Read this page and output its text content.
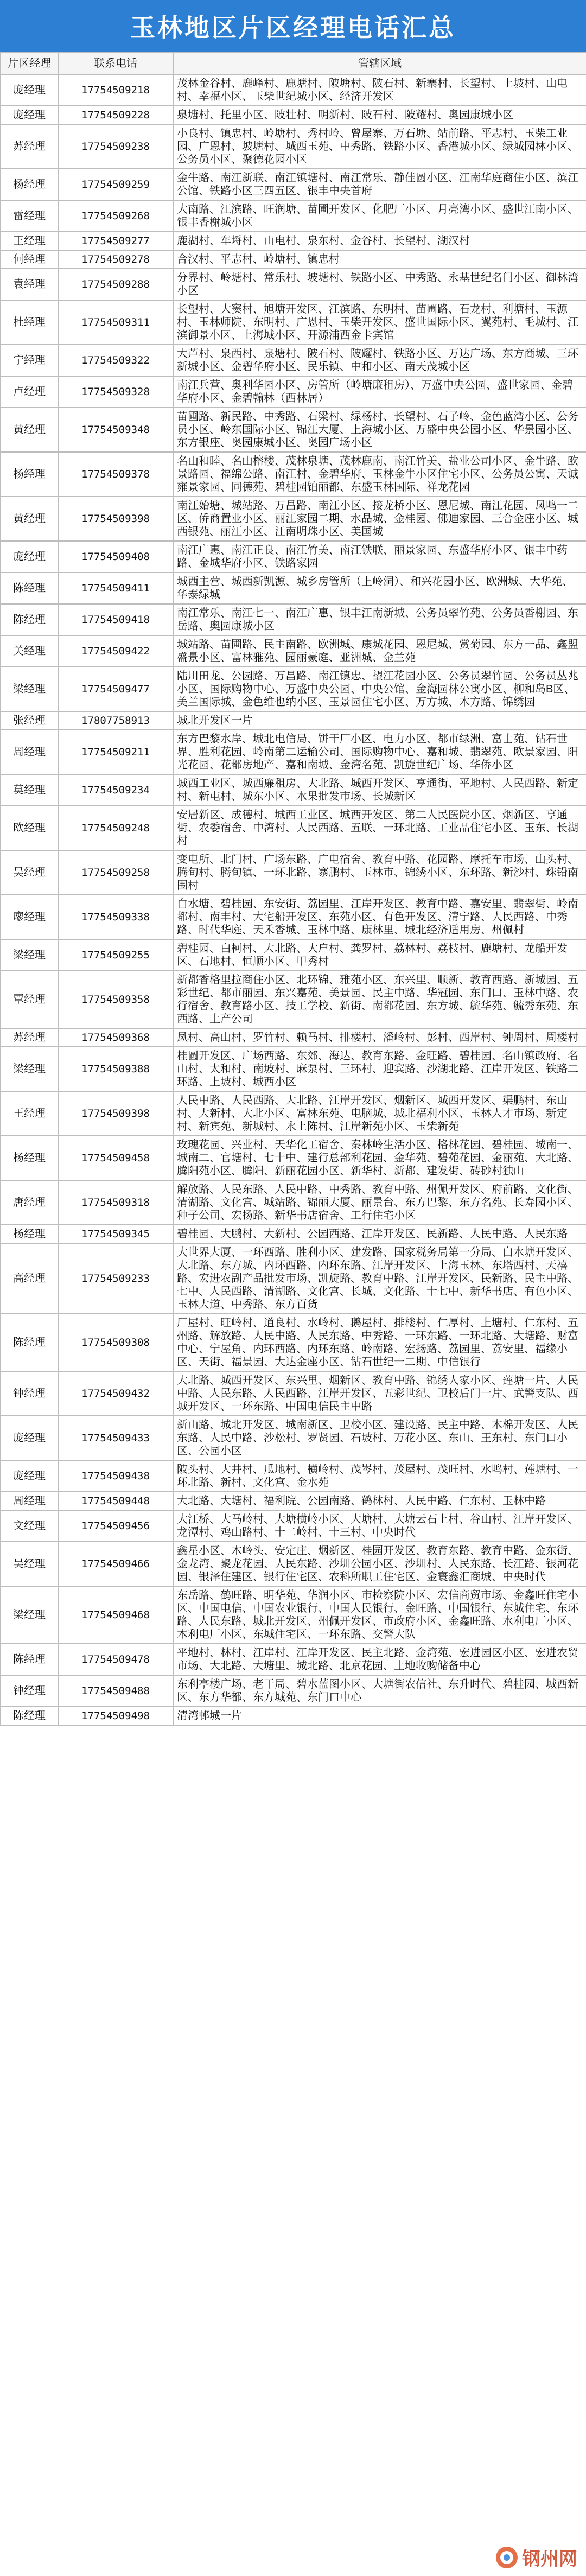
玉林地区片区经理电话汇总
片区经理	联系电话	管辖区域
庞经理	17754509218	茂林金谷村、鹿峰村、鹿塘村、陂塘村、陂石村、新寨村、长望村、上坡村、山电村、幸福小区、玉柴世纪城小区、经济开发区
庞经理	17754509228	泉塘村、托里小区、陂壮村、明新村、陂石村、陂耀村、奥园康城小区
苏经理	17754509238	小良村、镇忠村、岭塘村、秀村岭、曾屋寨、万石塘、站前路、平志村、玉柴工业园、广恩村、坡塘村、城西玉苑、中秀路、铁路小区、香港城小区、绿城园林小区、公务员小区、聚德花园小区
杨经理	17754509259	金牛路、南江新联、南江镇塘村、南江常乐、静佳圆小区、江南华庭商住小区、滨江公馆、铁路小区三四五区、银丰中央首府
雷经理	17754509268	大南路、江滨路、旺润塘、苗圃开发区、化肥厂小区、月亮湾小区、盛世江南小区、银丰香榭城小区
王经理	17754509277	鹿湖村、车埒村、山电村、泉东村、金谷村、长望村、湖汉村
何经理	17754509278	合汉村、平志村、岭塘村、镇忠村
袁经理	17754509288	分界村、岭塘村、常乐村、坡塘村、铁路小区、中秀路、永基世纪名门小区、御林湾小区
杜经理	17754509311	长望村、大窦村、旭塘开发区、江滨路、东明村、苗圃路、石龙村、利塘村、玉源村、玉林师院、东明村、广恩村、玉柴开发区、盛世国际小区、翼苑村、毛城村、江滨御景小区、上海城小区、开源浦西金卡宾馆
宁经理	17754509322	大芦村、泉西村、泉塘村、陂石村、陂耀村、铁路小区、万达广场、东方商城、三环新城小区、金碧华府小区、民乐镇、中和小区、南天茂城小区
卢经理	17754509328	南江兵营、奥利华园小区、房管所（岭塘廉租房）、万盛中央公园、盛世家园、金碧华府小区、金碧翰林（西林居）
黄经理	17754509348	苗圃路、新民路、中秀路、石梁村、绿杨村、长望村、石子岭、金色蓝湾小区、公务员小区、岭东国际小区、锦江大厦、上海城小区、万盛中央公园小区、华景园小区、东方银座、奥园康城小区、奥园广场小区
杨经理	17754509378	名山和睦、名山榕楼、茂林泉塘、茂林鹿南、南江竹美、盐业公司小区、金牛路、欧景路园、福绵公路、南江村、金碧华府、玉林金牛小区住宅小区、公务员公寓、天诚雍景家园、同德苑、碧桂园铂丽都、东盛玉林国际、祥龙花园
黄经理	17754509398	南江始塘、城站路、万昌路、南江小区、接龙桥小区、恩尼城、南江花园、凤鸣一二区、侨商置业小区、丽江家园二期、水晶城、金桂园、佛迪家园、三合金座小区、城西银苑、丽江小区、江南明珠小区、美国城
庞经理	17754509408	南江广惠、南江正良、南江竹美、南江铁联、丽景家园、东盛华府小区、银丰中药路、金城华府小区、铁路家园
陈经理	17754509411	城西主营、城西新凯源、城乡房管所（上岭洞）、和兴花园小区、欧洲城、大华苑、华泰绿城
陈经理	17754509418	南江常乐、南江七一、南江广惠、银丰江南新城、公务员翠竹苑、公务员香榭园、东岳路、奥园康城小区
关经理	17754509422	城站路、苗圃路、民主南路、欧洲城、康城花园、恩尼城、赏菊园、东方一品、鑫盟盛景小区、富林雅苑、园丽豪庭、亚洲城、金兰苑
梁经理	17754509477	陆川田龙、公园路、万昌路、南江镇忠、望江花园小区、公务员翠竹园、公务员丛兆小区、国际购物中心、万盛中央公园、中央公馆、金海园林公寓小区、柳和岛B区、美兰国际城、金色维也纳小区、玉景园住宅小区、万方城、木方路、锦绣园
张经理	17807758913	城北开发区一片
周经理	17754509211	东方巴黎水岸、城北电信局、饼干厂小区、电力小区、都市绿洲、富士苑、钻石世界、胜利花园、岭南第二运输公司、国际购物中心、嘉和城、翡翠苑、欧景家园、阳光花园、花都房地产、嘉和南城、金湾名苑、凯旋世纪广场、华侨小区
莫经理	17754509234	城西工业区、城西廉租房、大北路、城西开发区、亨通街、平地村、人民西路、新定村、新屯村、城东小区、水果批发市场、长城新区
欧经理	17754509248	安居新区、成德村、城西工业区、城西开发区、第二人民医院小区、烟新区、亨通街、农委宿舍、中湾村、人民西路、五联、一环北路、工业品住宅小区、玉东、长湖村
吴经理	17754509258	变电所、北门村、广场东路、广电宿舍、教育中路、花园路、摩托车市场、山头村、腾旬村、腾旬镇、一环北路、寨鹏村、玉林市、锦绣小区、东环路、新沙村、珠铅南围村
廖经理	17754509338	白水塘、碧桂园、东安街、荔园里、江岸开发区、教育中路、嘉安里、翡翠街、岭南都村、南丰村、大宅船开发区、东苑小区、有色开发区、清宁路、人民西路、中秀路、时代华庭、天禾香城、玉林中路、康林里、城北经济适用房、州佩村
梁经理	17754509255	碧桂园、白柯村、大北路、大户村、龚罗村、荔林村、荔枝村、鹿塘村、龙船开发区、石地村、恒顺小区、甲秀村
覃经理	17754509358	新都香格里拉商住小区、北环锦、雅苑小区、东兴里、顺新、教育西路、新城园、五彩世纪、都市丽园、东兴嘉苑、美景园、民主中路、华冠园、东门口、玉林中路、农行宿舍、教育路小区、技工学校、新街、南都花园、东方城、毓华苑、毓秀东苑、东西路、土产公司
苏经理	17754509368	凤村、高山村、罗竹村、赖马村、排楼村、潘岭村、彭村、西岸村、钟周村、周楼村
梁经理	17754509388	桂圆开发区、广场西路、东郊、海达、教育东路、金旺路、碧桂园、名山镇政府、名山村、太和村、南坡村、麻泵村、三环村、迎宾路、沙湖北路、江岸开发区、铁路二环路、上坡村、城西小区
王经理	17754509398	人民中路、人民西路、大北路、江岸开发区、烟新区、城西开发区、渠鹏村、东山村、大新村、大北小区、富林东苑、电脑城、城北福利小区、玉林人才市场、新定村、新宾苑、新城村、永上陈村、江岸新苑小区、玉柴新苑
杨经理	17754509458	玫瑰花园、兴业村、天华化工宿舍、秦林岭生活小区、格林花园、碧桂园、城南一、城南二、官塘村、七十中、建行总部利花园、金华苑、碧苑花园、金丽苑、大北路、腾阳苑小区、腾阳、新丽花园小区、新华村、新都、建发街、砖砂村独山
唐经理	17754509318	解放路、人民东路、人民中路、中秀路、教育中路、州佩开发区、府前路、文化街、清湖路、文化宫、城站路、锦丽大厦、丽景台、东方巴黎、东方名苑、长寿园小区、种子公司、宏扬路、新华书店宿舍、工行住宅小区
杨经理	17754509345	碧桂园、大鹏村、大新村、公园西路、江岸开发区、民新路、人民中路、人民东路
高经理	17754509233	大世界大厦、一环西路、胜利小区、建发路、国家税务局第一分局、白水塘开发区、大北路、东方城、内环西路、内环东路、江岸开发区、上海玉林、东塔西村、天禧路、宏进农副产品批发市场、凯旋路、教育中路、江岸开发区、民新路、民主中路、七中、人民西路、清湖路、文化宫、长城、文化路、十七中、新华书店、有色小区、玉林大道、中秀路、东方百货
陈经理	17754509308	厂屋村、旺岭村、道良村、水岭村、鹅屋村、排楼村、仁厚村、上塘村、仁东村、五州路、解放路、人民中路、人民东路、中秀路、一环东路、一环北路、大塘路、财富中心、宁屋角、内环西路、内环东路、岭南路、宏扬路、荔园里、荔安里、福缘小区、天街、福景园、大达金座小区、钻石世纪一二期、中信银行
钟经理	17754509432	大北路、城西开发区、东兴里、烟新区、教育中路、锦绣人家小区、莲塘一片、人民中路、人民东路、人民西路、江岸开发区、五彩世纪、卫校后门一片、武警支队、西城开发区、一环东路、中国电信民主中路
庞经理	17754509433	新山路、城北开发区、城南新区、卫校小区、建设路、民主中路、木棉开发区、人民东路、人民中路、沙松村、罗贤园、石坡村、万花小区、东山、王东村、东门口小区、公园小区
庞经理	17754509438	陂头村、大井村、瓜地村、横岭村、茂岑村、茂屋村、茂旺村、水鸣村、莲塘村、一环北路、新村、文化宫、金水苑
周经理	17754509448	大北路、大塘村、福利院、公园南路、鹤林村、人民中路、仁东村、玉林中路
文经理	17754509456	大江桥、大马岭村、大塘横岭小区、大塘村、大塘云石上村、谷山村、江岸开发区、龙潭村、鸡山路村、十二岭村、十三村、中央时代
吴经理	17754509466	鑫星小区、木岭头、安定庄、烟新区、桂园开发区、教育东路、教育中路、金东街、金龙湾、聚龙花园、人民东路、沙圳公园小区、沙圳村、人民东路、长江路、银河花园、银泽住建区、银行住宅区、农科所职工住宅区、金寰鑫汇商城、中央时代
梁经理	17754509468	东岳路、鹤旺路、明华苑、华润小区、市检察院小区、宏信商贸市场、金鑫旺住宅小区、中国电信、中国农业银行、中国人民银行、金旺路、中国银行、东城住宅、东环路、人民东路、城北开发区、州佩开发区、市政府小区、金鑫旺路、水利电厂小区、木利电厂小区、东城住宅区、一环东路、交警大队
陈经理	17754509478	平地村、林村、江岸村、江岸开发区、民主北路、金湾苑、宏进园区小区、宏进农贸市场、大北路、大塘里、城北路、北京花园、土地收购储备中心
钟经理	17754509488	东利亭楼广场、老干局、碧水蓝图小区、大塘街农信社、东升时代、碧桂园、城西新区、东方华都、东方城苑、东门口中心
陈经理	17754509498	清湾邨城一片
钢州网
